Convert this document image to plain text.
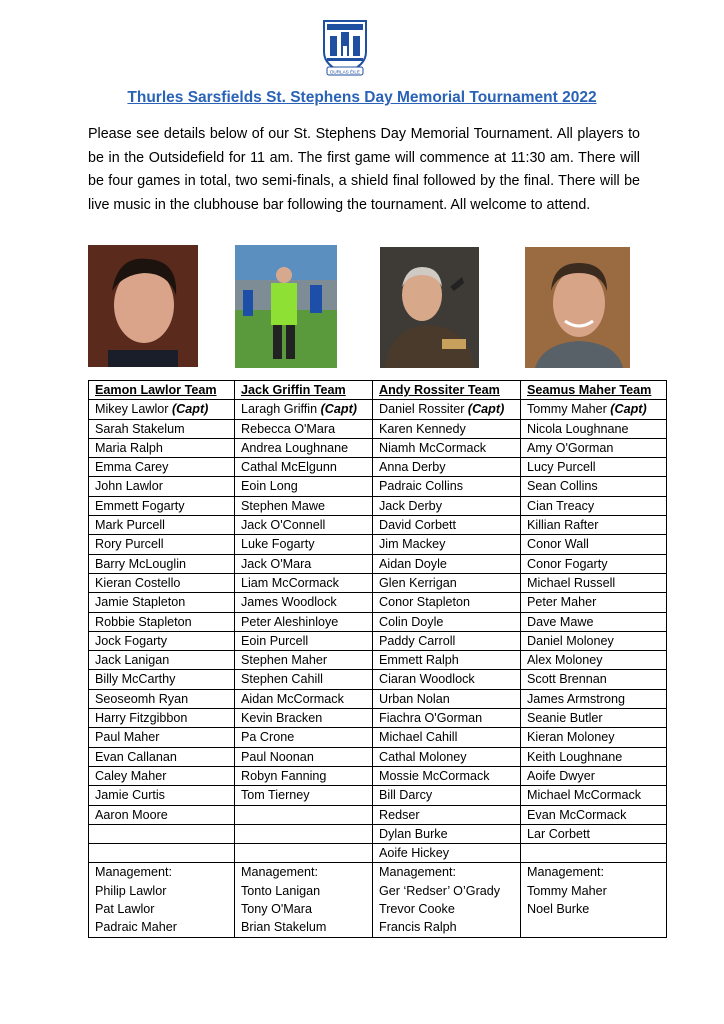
DURLAS ÉILE
Thurles Sarsfields St. Stephens Day Memorial Tournament 2022

Please see details below of our St. Stephens Day Memorial Tournament. All players to be in the Outsidefield for 11 am. The first game will commence at 11:30 am. There will be four games in total, two semi-finals, a shield final followed by the final. There will be live music in the clubhouse bar following the tournament. All welcome to attend.

Eamon Lawlor Team	Jack Griffin Team	Andy Rossiter Team	Seamus Maher Team
Mikey Lawlor (Capt)	Laragh Griffin (Capt)	Daniel Rossiter (Capt)	Tommy Maher (Capt)
Sarah Stakelum	Rebecca O'Mara	Karen Kennedy	Nicola Loughnane
Maria Ralph	Andrea Loughnane	Niamh McCormack	Amy O'Gorman
Emma Carey	Cathal McElgunn	Anna Derby	Lucy Purcell
John Lawlor	Eoin Long	Padraic Collins	Sean Collins
Emmett Fogarty	Stephen Mawe	Jack Derby	Cian Treacy
Mark Purcell	Jack O'Connell	David Corbett	Killian Rafter
Rory Purcell	Luke Fogarty	Jim Mackey	Conor Wall
Barry McLouglin	Jack O'Mara	Aidan Doyle	Conor Fogarty
Kieran Costello	Liam McCormack	Glen Kerrigan	Michael Russell
Jamie Stapleton	James Woodlock	Conor Stapleton	Peter Maher
Robbie Stapleton	Peter Aleshinloye	Colin Doyle	Dave Mawe
Jock Fogarty	Eoin Purcell	Paddy Carroll	Daniel Moloney
Jack Lanigan	Stephen Maher	Emmett Ralph	Alex Moloney
Billy McCarthy	Stephen Cahill	Ciaran Woodlock	Scott Brennan
Seoseomh Ryan	Aidan McCormack	Urban Nolan	James Armstrong
Harry Fitzgibbon	Kevin Bracken	Fiachra O'Gorman	Seanie Butler
Paul Maher	Pa Crone	Michael Cahill	Kieran Moloney
Evan Callanan	Paul Noonan	Cathal Moloney	Keith Loughnane
Caley Maher	Robyn Fanning	Mossie McCormack	Aoife Dwyer
Jamie Curtis	Tom Tierney	Bill Darcy	Michael McCormack
Aaron Moore		Redser	Evan McCormack
		Dylan Burke	Lar Corbett
		Aoife Hickey	
Management:	Management:	Management:	Management:
Philip Lawlor	Tonto Lanigan	Ger ‘Redser’ O’Grady	Tommy Maher
Pat Lawlor	Tony O'Mara	Trevor Cooke	Noel Burke
Padraic Maher	Brian Stakelum	Francis Ralph	
